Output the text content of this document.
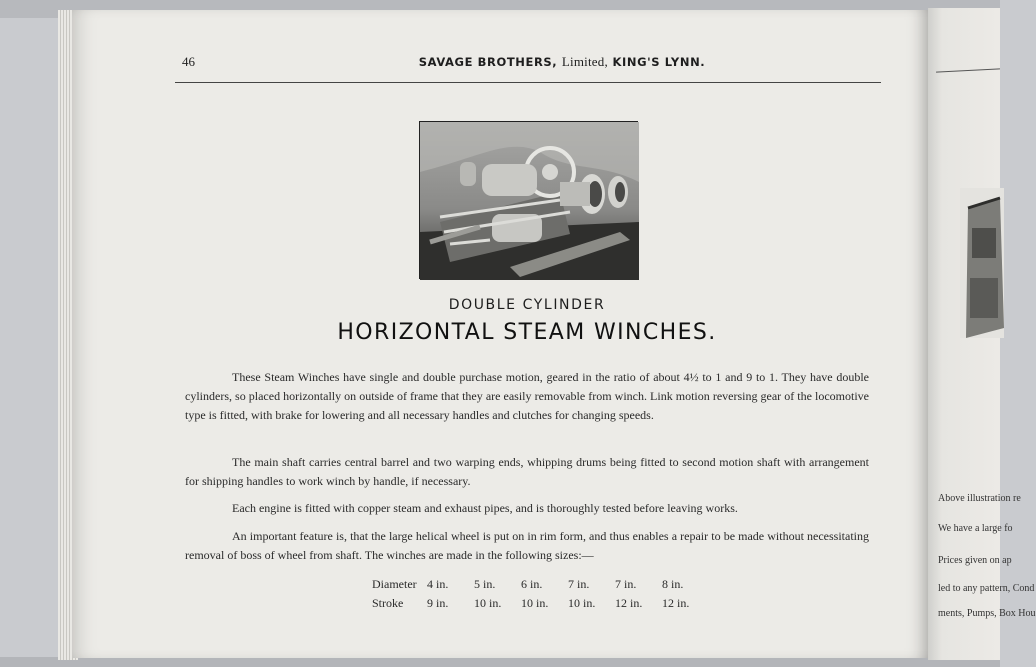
46	SAVAGE BROTHERS, Limited, KING'S LYNN.
DOUBLE CYLINDER
HORIZONTAL STEAM WINCHES.

These Steam Winches have single and double purchase motion, geared in the ratio of about 4½ to 1 and 9 to 1. They have double cylinders, so placed horizontally on outside of frame that they are easily removable from winch. Link motion reversing gear of the locomotive type is fitted, with brake for lowering and all necessary handles and clutches for changing speeds.

The main shaft carries central barrel and two warping ends, whipping drums being fitted to second motion shaft with arrangement for shipping handles to work winch by handle, if necessary.

Each engine is fitted with copper steam and exhaust pipes, and is thoroughly tested before leaving works.

An important feature is, that the large helical wheel is put on in rim form, and thus enables a repair to be made without necessitating removal of boss of wheel from shaft. The winches are made in the following sizes:—

Diameter 4 in.	5 in.	6 in.	7 in.	7 in.	8 in.
Stroke	9 in.	10 in.	10 in.	10 in.	12 in.	12 in.
Above illustration re
We have a large fo
Prices given on ap
led to any pattern, Cond
ments, Pumps, Box Hou
